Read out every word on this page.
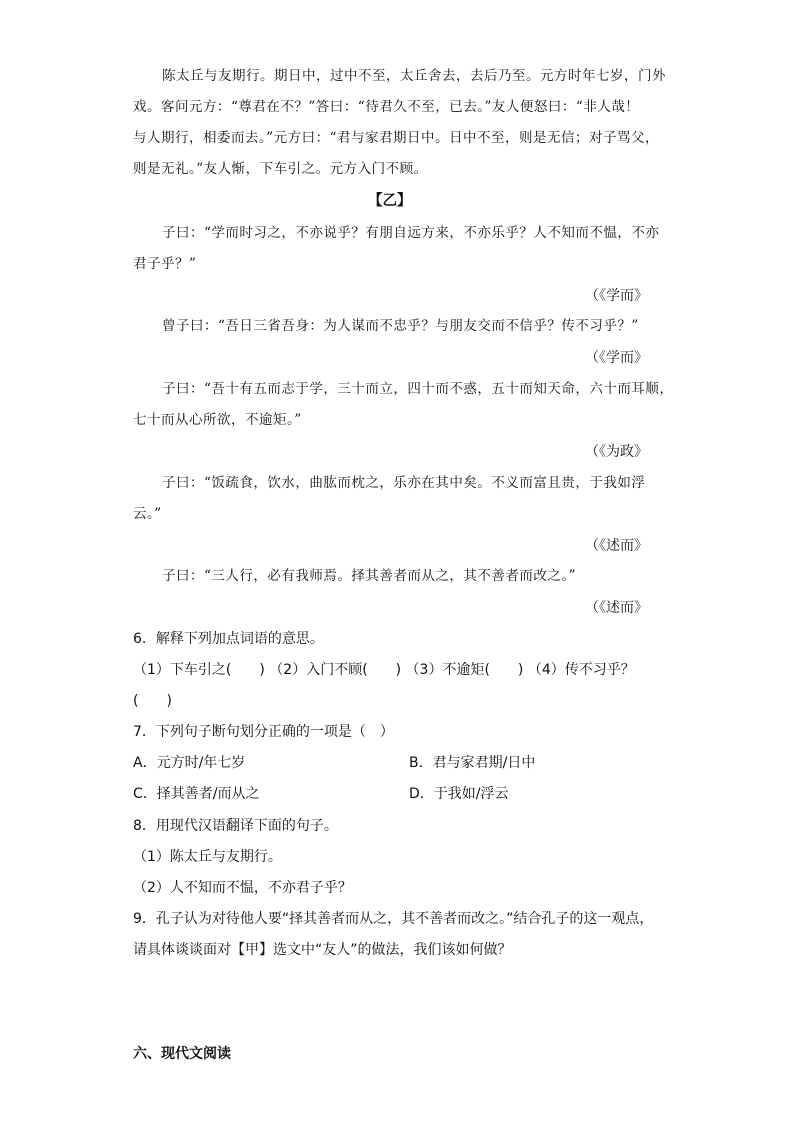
陈太丘与友期行。期日中，过中不至，太丘舍去，去后乃至。元方时年七岁，门外
戏。客问元方：“尊君在不？”答曰：“待君久不至，已去。”友人便怒曰：“非人哉！
与人期行，相委而去。”元方曰：“君与家君期日中。日中不至，则是无信；对子骂父，
则是无礼。”友人惭，下车引之。元方入门不顾。
【乙】
子曰：“学而时习之，不亦说乎？有朋自远方来，不亦乐乎？人不知而不愠，不亦
君子乎？”
（《学而》
曾子曰：“吾日三省吾身：为人谋而不忠乎？与朋友交而不信乎？传不习乎？”
（《学而》
子曰：“吾十有五而志于学，三十而立，四十而不惑，五十而知天命，六十而耳顺，
七十而从心所欲，不逾矩。”
（《为政》
子曰：“饭疏食，饮水，曲肱而枕之，乐亦在其中矣。不义而富且贵，于我如浮
云。”
（《述而》
子曰：“三人行，必有我师焉。择其善者而从之，其不善者而改之。”
（《述而》
6．解释下列加点词语的意思。
（1）下车引之(　　) （2）入门不顾(　　) （3）不逾矩(　　) （4）传不习乎？
(　　)
7．下列句子断句划分正确的一项是（　）
A．元方时/年七岁	B．君与家君期/日中
C．择其善者/而从之	D．于我如/浮云
8．用现代汉语翻译下面的句子。
（1）陈太丘与友期行。
（2）人不知而不愠，不亦君子乎？
9．孔子认为对待他人要“择其善者而从之，其不善者而改之。”结合孔子的这一观点，
请具体谈谈面对【甲】选文中“友人”的做法，我们该如何做？
六、现代文阅读
